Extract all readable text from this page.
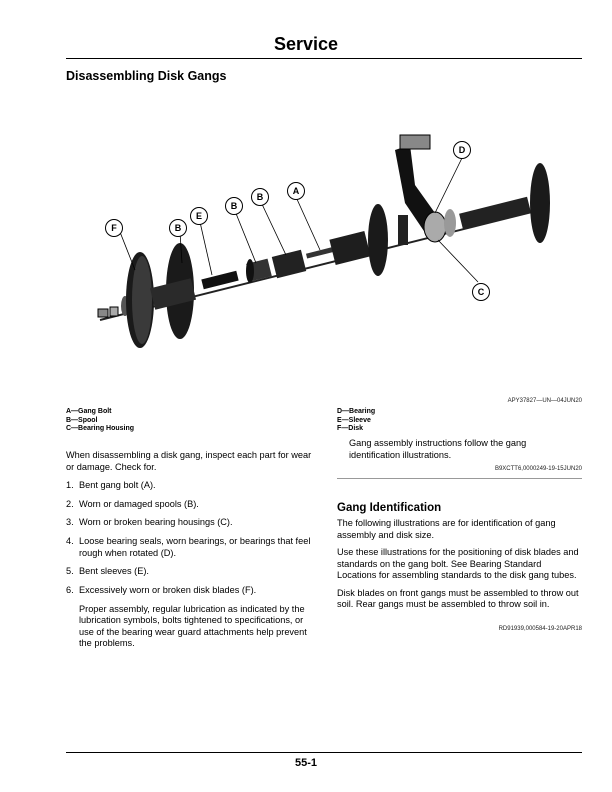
Service
Disassembling Disk Gangs
F	B
E
B
B
A
D
C
APY37827—UN—04JUN20
A—Gang Bolt
B—Spool
C—Bearing Housing
D—Bearing
E—Sleeve
F—Disk

When disassembling a disk gang, inspect each part for wear or damage. Check for.

1. Bent gang bolt (A).
2. Worn or damaged spools (B).
3. Worn or broken bearing housings (C).
4. Loose bearing seals, worn bearings, or bearings that feel rough when rotated (D).
5. Bent sleeves (E).
6. Excessively worn or broken disk blades (F).

Proper assembly, regular lubrication as indicated by the lubrication symbols, bolts tightened to specifications, or use of the bearing wear guard attachments help prevent the problems.

Gang assembly instructions follow the gang identification illustrations.
B9XCTT6,0000249-19-15JUN20
Gang Identification

The following illustrations are for identification of gang assembly and disk size.

Use these illustrations for the positioning of disk blades and standards on the gang bolt. See Bearing Standard Locations for assembling standards to the disk gang tubes.

Disk blades on front gangs must be assembled to throw out soil. Rear gangs must be assembled to throw soil in.

RD91939,000584-19-20APR18
55-1
